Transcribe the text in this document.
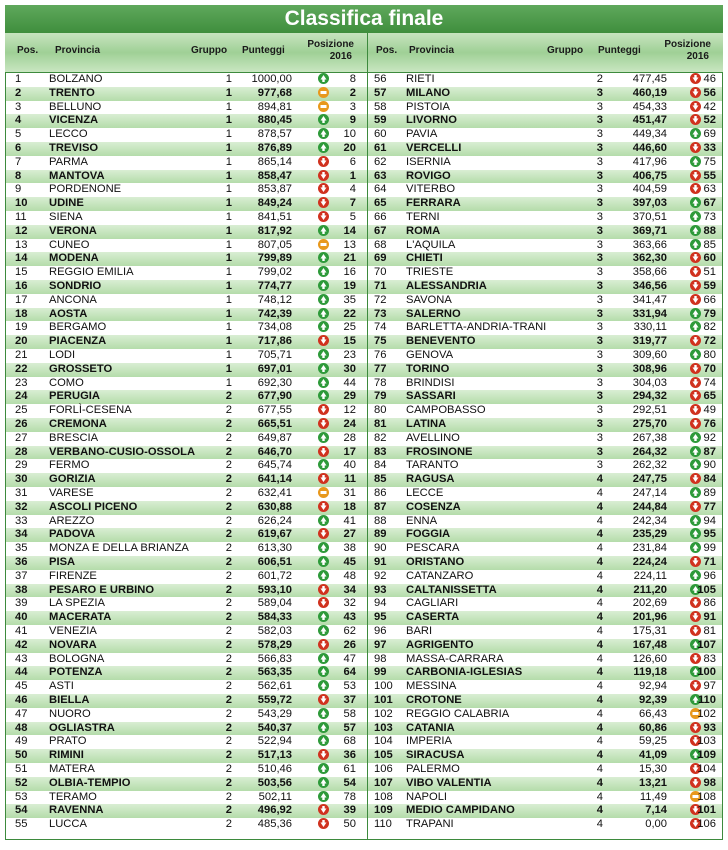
Classifica finale
Pos. Provincia	Gruppo Punteggi
Posizione
2016
Pos. Provincia	Gruppo Punteggi
Posizione
2016
1 BOLZANO	1	1000,00	8
2 TRENTO	1	977,68	2
3 BELLUNO	1	894,81	3
4 VICENZA	1	880,45	9
5 LECCO	1	878,57	10
6 TREVISO	1	876,89	20
7 PARMA	1	865,14	6
8 MANTOVA	1	858,47	1
9 PORDENONE	1	853,87	4
10 UDINE	1	849,24	7
11 SIENA	1	841,51	5
12 VERONA	1	817,92	14
13 CUNEO	1	807,05	13
14 MODENA	1	799,89	21
15 REGGIO EMILIA	1	799,02	16
16 SONDRIO	1	774,77	19
17 ANCONA	1	748,12	35
18 AOSTA	1	742,39	22
19 BERGAMO	1	734,08	25
20 PIACENZA	1	717,86	15
21 LODI	1	705,71	23
22 GROSSETO	1	697,01	30
23 COMO	1	692,30	44
24 PERUGIA	2	677,90	29
25 FORLÌ-CESENA	2	677,55	12
26 CREMONA	2	665,51	24
27 BRESCIA	2	649,87	28
28 VERBANO-CUSIO-OSSOLA	2	646,70	17
29 FERMO	2	645,74	40
30 GORIZIA	2	641,14	11
31 VARESE	2	632,41	31
32 ASCOLI PICENO	2	630,88	18
33 AREZZO	2	626,24	41
34 PADOVA	2	619,67	27
35 MONZA E DELLA BRIANZA	2	613,30	38
36 PISA	2	606,51	45
37 FIRENZE	2	601,72	48
38 PESARO E URBINO	2	593,10	34
39 LA SPEZIA	2	589,04	32
40 MACERATA	2	584,33	43
41 VENEZIA	2	582,03	62
42 NOVARA	2	578,29	26
43 BOLOGNA	2	566,83	47
44 POTENZA	2	563,35	64
45 ASTI	2	562,61	53
46 BIELLA	2	559,72	37
47 NUORO	2	543,29	58
48 OGLIASTRA	2	540,37	57
49 PRATO	2	522,94	68
50 RIMINI	2	517,13	36
51 MATERA	2	510,46	61
52 OLBIA-TEMPIO	2	503,56	54
53 TERAMO	2	502,11	78
54 RAVENNA	2	496,92	39
55 LUCCA	2	485,36	50
56 RIETI	2	477,45	46
57 MILANO	3	460,19	56
58 PISTOIA	3	454,33	42
59 LIVORNO	3	451,47	52
60 PAVIA	3	449,34	69
61 VERCELLI	3	446,60	33
62 ISERNIA	3	417,96	75
63 ROVIGO	3	406,75	55
64 VITERBO	3	404,59	63
65 FERRARA	3	397,03	67
66 TERNI	3	370,51	73
67 ROMA	3	369,71	88
68 L'AQUILA	3	363,66	85
69 CHIETI	3	362,30	60
70 TRIESTE	3	358,66	51
71 ALESSANDRIA	3	346,56	59
72 SAVONA	3	341,47	66
73 SALERNO	3	331,94	79
74 BARLETTA-ANDRIA-TRANI	3	330,11	82
75 BENEVENTO	3	319,77	72
76 GENOVA	3	309,60	80
77 TORINO	3	308,96	70
78 BRINDISI	3	304,03	74
79 SASSARI	3	294,32	65
80 CAMPOBASSO	3	292,51	49
81 LATINA	3	275,70	76
82 AVELLINO	3	267,38	92
83 FROSINONE	3	264,32	87
84 TARANTO	3	262,32	90
85 RAGUSA	4	247,75	84
86 LECCE	4	247,14	89
87 COSENZA	4	244,84	77
88 ENNA	4	242,34	94
89 FOGGIA	4	235,29	95
90 PESCARA	4	231,84	99
91 ORISTANO	4	224,24	71
92 CATANZARO	4	224,11	96
93 CALTANISSETTA	4	211,20	105
94 CAGLIARI	4	202,69	86
95 CASERTA	4	201,96	91
96 BARI	4	175,31	81
97 AGRIGENTO	4	167,48	107
98 MASSA-CARRARA	4	126,60	83
99 CARBONIA-IGLESIAS	4	119,18	100
100 MESSINA	4	92,94	97
101 CROTONE	4	92,39	110
102 REGGIO CALABRIA	4	66,43	102
103 CATANIA	4	60,86	93
104 IMPERIA	4	59,25	103
105 SIRACUSA	4	41,09	109
106 PALERMO	4	15,30	104
107 VIBO VALENTIA	4	13,21	98
108 NAPOLI	4	11,49	108
109 MEDIO CAMPIDANO	4	7,14	101
110 TRAPANI	4	0,00	106
